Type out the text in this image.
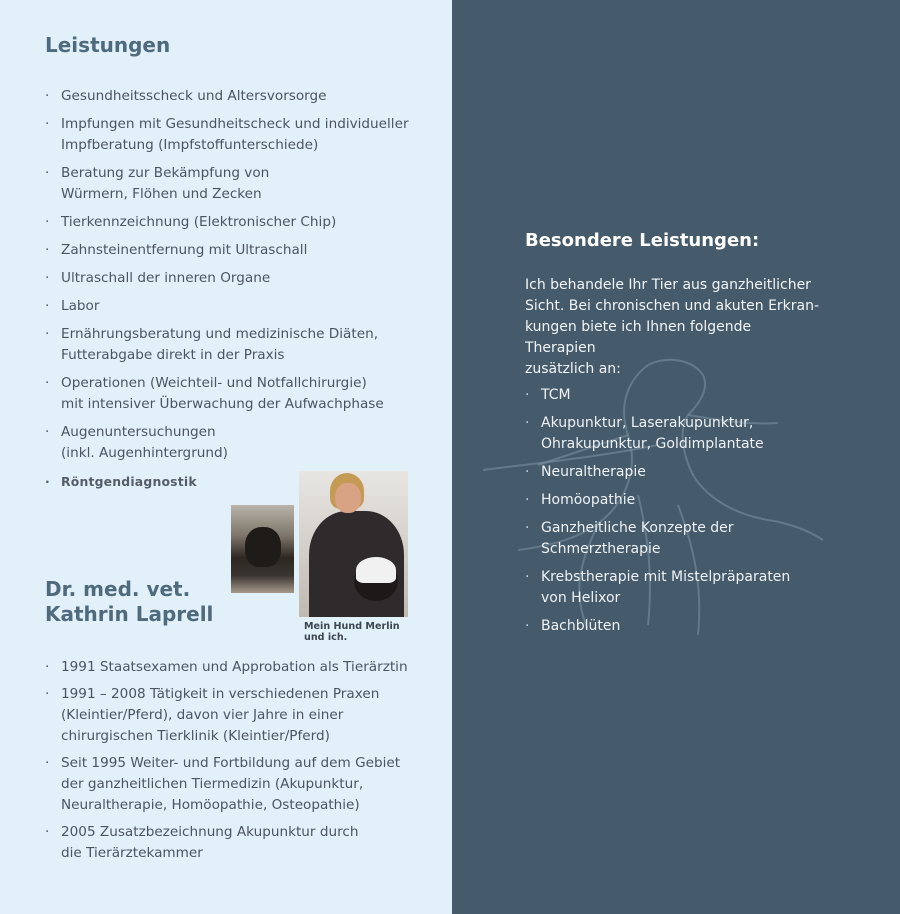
Leistungen
· Gesundheitsscheck und Altersvorsorge
· Impfungen mit Gesundheitscheck und individueller
Impfberatung (Impfstoffunterschiede)
· Beratung zur Bekämpfung von
Würmern, Flöhen und Zecken
· Tierkennzeichnung (Elektronischer Chip)
· Zahnsteinentfernung mit Ultraschall
· Ultraschall der inneren Organe
· Labor
· Ernährungsberatung und medizinische Diäten,
Futterabgabe direkt in der Praxis
· Operationen (Weichteil- und Notfallchirurgie)
mit intensiver Überwachung der Aufwachphase
· Augenuntersuchungen
(inkl. Augenhintergrund)
· Röntgendiagnostik

Mein Hund Merlin und ich.

Dr. med. vet.
Kathrin Laprell
· 1991 Staatsexamen und Approbation als Tierärztin
· 1991 – 2008 Tätigkeit in verschiedenen Praxen
(Kleintier/Pferd), davon vier Jahre in einer
chirurgischen Tierklinik (Kleintier/Pferd)
· Seit 1995 Weiter- und Fortbildung auf dem Gebiet
der ganzheitlichen Tiermedizin (Akupunktur,
Neuraltherapie, Homöopathie, Osteopathie)
· 2005 Zusatzbezeichnung Akupunktur durch
die Tierärztekammer
Besondere Leistungen:

Ich behandele Ihr Tier aus ganzheitlicher
Sicht. Bei chronischen und akuten Erkran-
kungen biete ich Ihnen folgende Therapien
zusätzlich an:

· TCM
· Akupunktur, Laserakupunktur,
Ohrakupunktur, Goldimplantate
· Neuraltherapie
· Homöopathie
· Ganzheitliche Konzepte der
Schmerztherapie
· Krebstherapie mit Mistelpräparaten
von Helixor
· Bachblüten
